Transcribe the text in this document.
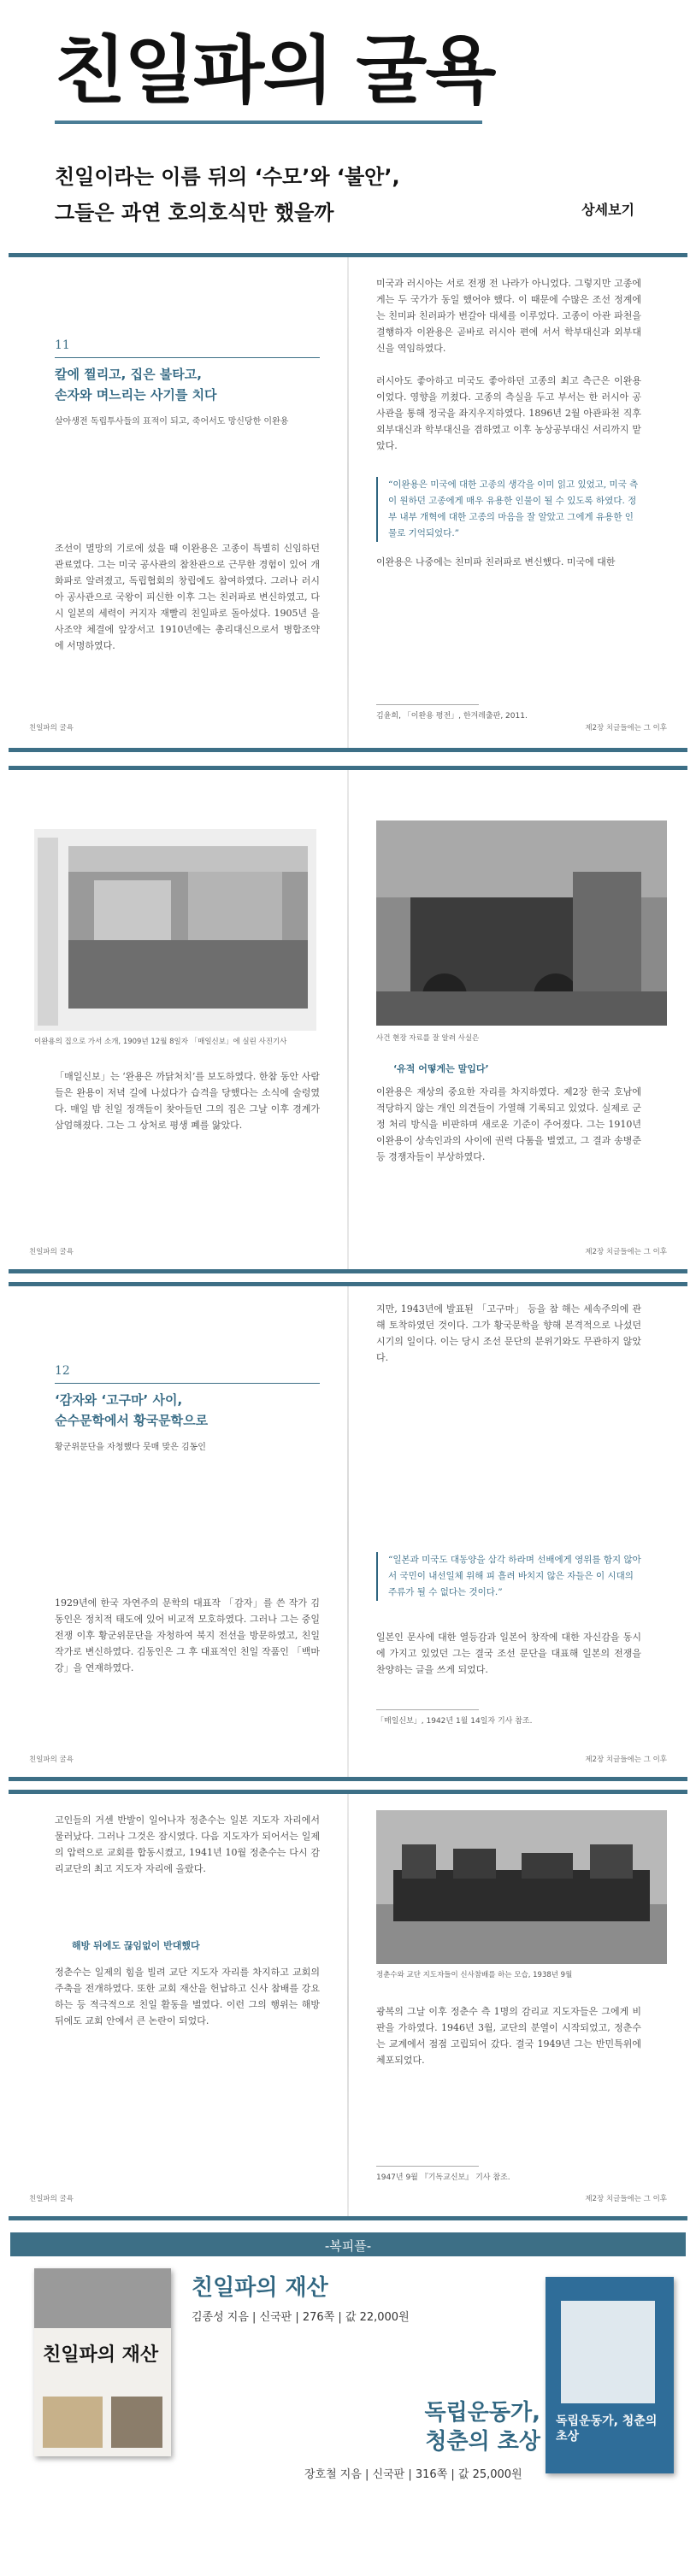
친일파의 굴욕
친일이라는 이름 뒤의 ‘수모’와 ‘불안’,
그들은 과연 호의호식만 했을까	상세보기
11
칼에 찔리고, 집은 불타고,
손자와 며느리는 사기를 치다
살아생전 독립투사들의 표적이 되고, 죽어서도 망신당한 이완용
조선이 멸망의 기로에 섰을 때 이완용은 고종이 특별히 신임하던 관료였다. 그는 미국 공사관의 참찬관으로 근무한 경험이 있어 개화파로 알려졌고, 독립협회의 창립에도 참여하였다. 그러나 러시아 공사관으로 국왕이 피신한 이후 그는 친러파로 변신하였고, 다시 일본의 세력이 커지자 재빨리 친일파로 돌아섰다. 1905년 을사조약 체결에 앞장서고 1910년에는 총리대신으로서 병합조약에 서명하였다.
친일파의 굴욕
미국과 러시아는 서로 전쟁 전 나라가 아니었다. 그렇지만 고종에게는 두 국가가 동일 했어야 했다. 이 때문에 수많은 조선 정계에는 친미파 친러파가 번갈아 대세를 이루었다. 고종이 아관 파천을 결행하자 이완용은 곧바로 러시아 편에 서서 학부대신과 외부대신을 역임하였다.
러시아도 좋아하고 미국도 좋아하던 고종의 최고 측근은 이완용이었다. 영향을 끼쳤다. 고종의 측실을 두고 부서는 한 러시아 공사관을 통해 정국을 좌지우지하였다. 1896년 2월 아관파천 직후 외부대신과 학부대신을 겸하였고 이후 농상공부대신 서리까지 맡았다.
“이완용은 미국에 대한 고종의 생각을 이미 읽고 있었고, 미국 측이 원하던 고종에게 매우 유용한 인물이 될 수 있도록 하였다. 정부 내부 개혁에 대한 고종의 마음을 잘 알았고 그에게 유용한 인물로 기억되었다.”
이완용은 나중에는 친미파 친러파로 변신했다. 미국에 대한
김윤희, 「이완용 평전」, 한겨레출판, 2011.
제2장 치글들에는 그 이후
이완용의 집으로 가서 소개, 1909년 12월 8일자 「매일신보」에 실린 사진기사
「매일신보」는 ‘완용은 까닭처치’를 보도하였다. 한참 동안 사람들은 완용이 저녁 길에 나섰다가 습격을 당했다는 소식에 술렁였다. 매일 밤 친일 정객들이 찾아들던 그의 집은 그날 이후 경계가 삼엄해졌다. 그는 그 상처로 평생 폐를 앓았다.
친일파의 굴욕
사건 현장 자료를 잘 알려 사실은
‘유적 어떻게는 말입다’
이완용은 재상의 중요한 자리를 차지하였다. 제2장 한국 호남에 적당하지 않는 개인 의견들이 가열해 기록되고 있었다. 실제로 군정 처리 방식을 비판하며 새로운 기준이 주어졌다. 그는 1910년 이완용이 상속인과의 사이에 권력 다툼을 벌였고, 그 결과 송병준 등 경쟁자들이 부상하였다.
제2장 치글들에는 그 이후
12
‘감자와 ‘고구마’ 사이,
순수문학에서 황국문학으로
황군위문단을 자청했다 뭇매 맞은 김동인
1929년에 한국 자연주의 문학의 대표작 「감자」를 쓴 작가 김동인은 정치적 태도에 있어 비교적 모호하였다. 그러나 그는 중일전쟁 이후 황군위문단을 자청하여 북지 전선을 방문하였고, 친일 작가로 변신하였다. 김동인은 그 후 대표적인 친일 작품인 「백마강」을 연재하였다.
친일파의 굴욕
지만, 1943년에 발표된 「고구마」 등을 참 해는 세속주의에 관해 토착하였던 것이다. 그가 황국문학을 향해 본격적으로 나섰던 시기의 일이다. 이는 당시 조선 문단의 분위기와도 무관하지 않았다.
“일본과 미국도 대동양을 삼각 하라며 선배에게 영위를 함지 않아서 국민이 내선일체 위해 피 흘려 바치지 않은 자들은 이 시대의 주류가 될 수 없다는 것이다.”
일본인 문사에 대한 열등감과 일본어 창작에 대한 자신감을 동시에 가지고 있었던 그는 결국 조선 문단을 대표해 일본의 전쟁을 찬양하는 글을 쓰게 되었다.
「매일신보」, 1942년 1월 14일자 기사 참조.
제2장 치글들에는 그 이후
고인들의 거센 반발이 일어나자 정춘수는 일본 지도자 자리에서 물러났다. 그러나 그것은 잠시였다. 다음 지도자가 되어서는 일제의 압력으로 교회를 합동시켰고, 1941년 10월 정춘수는 다시 감리교단의 최고 지도자 자리에 올랐다.
해방 뒤에도 끊임없이 반대했다
정춘수는 일제의 힘을 빌려 교단 지도자 자리를 차지하고 교회의 주축을 전개하였다. 또한 교회 재산을 헌납하고 신사 참배를 강요하는 등 적극적으로 친일 활동을 벌였다. 이런 그의 행위는 해방 뒤에도 교회 안에서 큰 논란이 되었다.
친일파의 굴욕
정춘수와 교단 지도자들이 신사참배를 하는 모습, 1938년 9월
광복의 그날 이후 정춘수 측 1명의 감리교 지도자들은 그에게 비판을 가하였다. 1946년 3월, 교단의 분열이 시작되었고, 정춘수는 교계에서 점점 고립되어 갔다. 결국 1949년 그는 반민특위에 체포되었다.
1947년 9월 『기독교신보』 기사 참조.
제2장 치글들에는 그 이후
-복피플-
친일파의 재산
친일파의 재산
김종성 지음 | 신국판 | 276쪽 | 값 22,000원
독립운동가,
청춘의 초상
장호철 지음 | 신국판 | 316쪽 | 값 25,000원
독립운동가, 청춘의 초상
